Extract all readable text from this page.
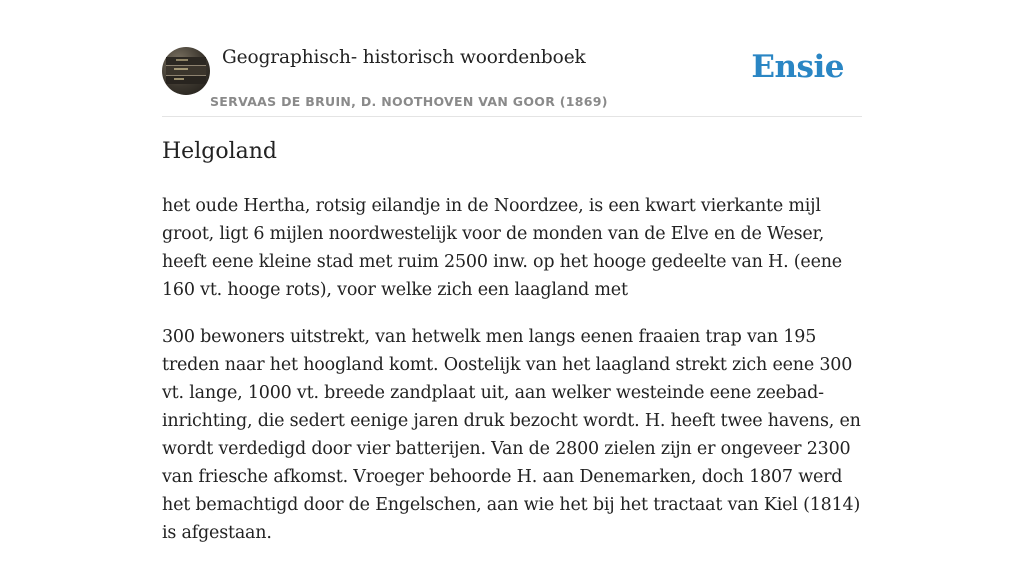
Geographisch- historisch woordenboek
SERVAAS DE BRUIN, D. NOOTHOVEN VAN GOOR (1869)
Ensie
Helgoland

het oude Hertha, rotsig eilandje in de Noordzee, is een kwart vierkante mijl groot, ligt 6 mijlen noordwestelijk voor de monden van de Elve en de Weser, heeft eene kleine stad met ruim 2500 inw. op het hooge gedeelte van H. (eene 160 vt. hooge rots), voor welke zich een laagland met

300 bewoners uitstrekt, van hetwelk men langs eenen fraaien trap van 195 treden naar het hoogland komt. Oostelijk van het laagland strekt zich eene 300 vt. lange, 1000 vt. breede zandplaat uit, aan welker westeinde eene zeebad-inrichting, die sedert eenige jaren druk bezocht wordt. H. heeft twee havens, en wordt verdedigd door vier batterijen. Van de 2800 zielen zijn er ongeveer 2300 van friesche afkomst. Vroeger behoorde H. aan Denemarken, doch 1807 werd het bemachtigd door de Engelschen, aan wie het bij het tractaat van Kiel (1814) is afgestaan.
